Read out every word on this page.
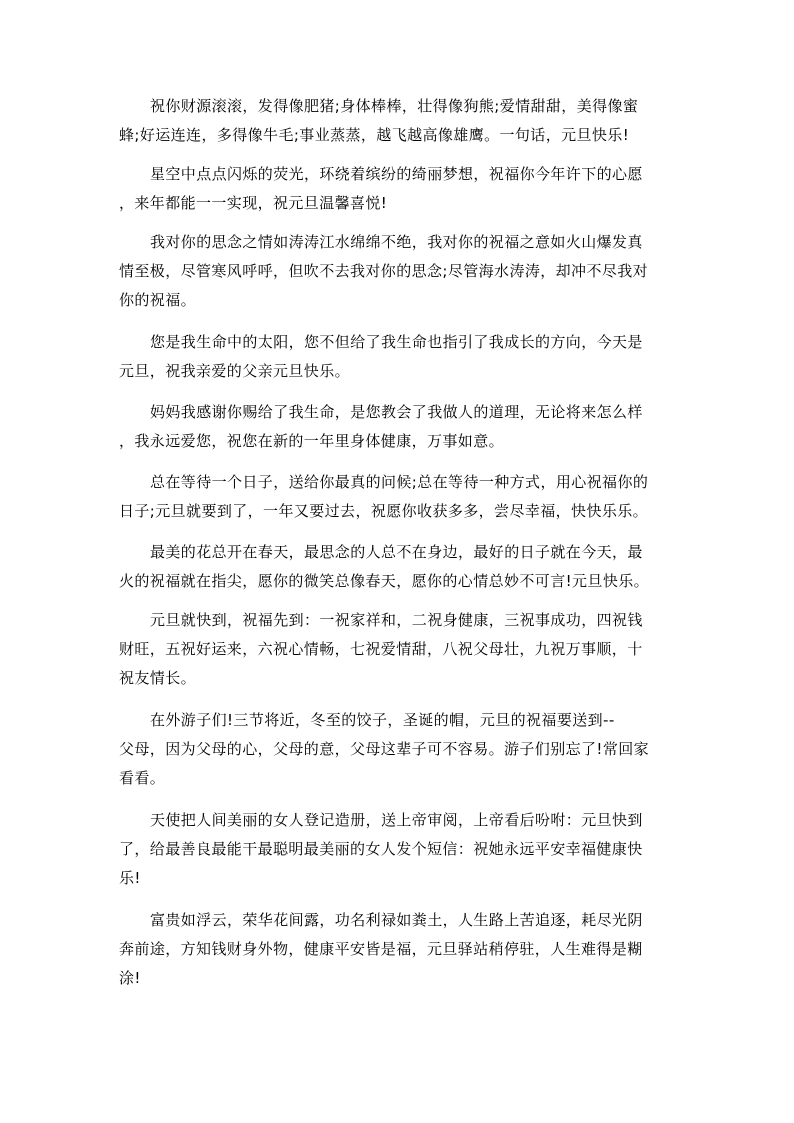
祝你财源滚滚，发得像肥猪;身体棒棒，壮得像狗熊;爱情甜甜，美得像蜜
蜂;好运连连，多得像牛毛;事业蒸蒸，越飞越高像雄鹰。一句话，元旦快乐!
星空中点点闪烁的荧光，环绕着缤纷的绮丽梦想，祝福你今年许下的心愿
，来年都能一一实现，祝元旦温馨喜悦!
我对你的思念之情如涛涛江水绵绵不绝，我对你的祝福之意如火山爆发真
情至极，尽管寒风呼呼，但吹不去我对你的思念;尽管海水涛涛，却冲不尽我对
你的祝福。
您是我生命中的太阳，您不但给了我生命也指引了我成长的方向，今天是
元旦，祝我亲爱的父亲元旦快乐。
妈妈我感谢你赐给了我生命，是您教会了我做人的道理，无论将来怎么样
，我永远爱您，祝您在新的一年里身体健康，万事如意。
总在等待一个日子，送给你最真的问候;总在等待一种方式，用心祝福你的
日子;元旦就要到了，一年又要过去，祝愿你收获多多，尝尽幸福，快快乐乐。
最美的花总开在春天，最思念的人总不在身边，最好的日子就在今天，最
火的祝福就在指尖，愿你的微笑总像春天，愿你的心情总妙不可言!元旦快乐。
元旦就快到，祝福先到：一祝家祥和，二祝身健康，三祝事成功，四祝钱
财旺，五祝好运来，六祝心情畅，七祝爱情甜，八祝父母壮，九祝万事顺，十
祝友情长。
在外游子们!三节将近，冬至的饺子，圣诞的帽，元旦的祝福要送到--
父母，因为父母的心，父母的意，父母这辈子可不容易。游子们别忘了!常回家
看看。
天使把人间美丽的女人登记造册，送上帝审阅，上帝看后吩咐：元旦快到
了，给最善良最能干最聪明最美丽的女人发个短信：祝她永远平安幸福健康快
乐!
富贵如浮云，荣华花间露，功名利禄如粪土，人生路上苦追逐，耗尽光阴
奔前途，方知钱财身外物，健康平安皆是福，元旦驿站稍停驻，人生难得是糊
涂!
